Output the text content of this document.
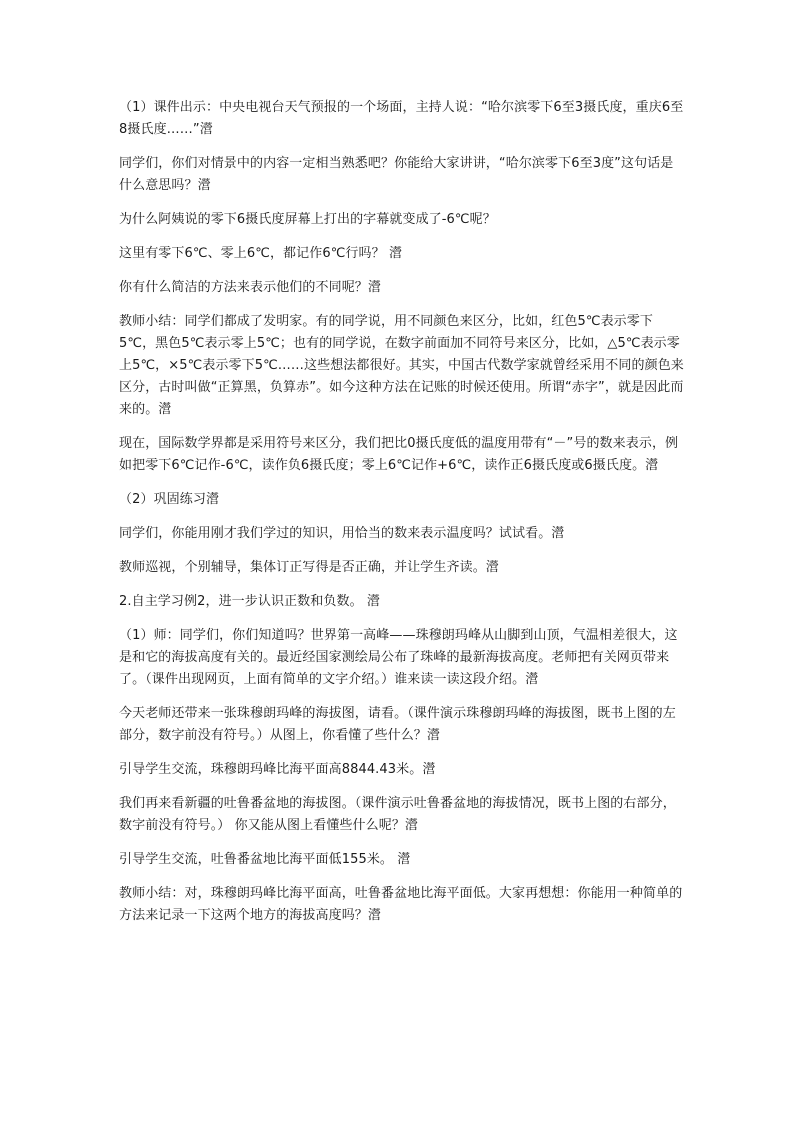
（1）课件出示：中央电视台天气预报的一个场面，主持人说：“哈尔滨零下6至3摄氏度，重庆6至8摄氏度……”瀯

同学们，你们对情景中的内容一定相当熟悉吧？你能给大家讲讲，“哈尔滨零下6至3度”这句话是什么意思吗？瀯

为什么阿姨说的零下6摄氏度屏幕上打出的字幕就变成了-6℃呢？

这里有零下6℃、零上6℃，都记作6℃行吗？ 瀯

你有什么简洁的方法来表示他们的不同呢？瀯

教师小结：同学们都成了发明家。有的同学说，用不同颜色来区分，比如，红色5℃表示零下5℃，黑色5℃表示零上5℃；也有的同学说，在数字前面加不同符号来区分，比如，△5℃表示零上5℃，×5℃表示零下5℃……这些想法都很好。其实，中国古代数学家就曾经采用不同的颜色来区分，古时叫做“正算黑，负算赤”。如今这种方法在记账的时候还使用。所谓“赤字”，就是因此而来的。瀯

现在，国际数学界都是采用符号来区分，我们把比0摄氏度低的温度用带有“－”号的数来表示，例如把零下6℃记作-6℃，读作负6摄氏度；零上6℃记作+6℃，读作正6摄氏度或6摄氏度。瀯

（2）巩固练习瀯

同学们，你能用刚才我们学过的知识，用恰当的数来表示温度吗？试试看。瀯

教师巡视，个别辅导，集体订正写得是否正确，并让学生齐读。瀯

2.自主学习例2，进一步认识正数和负数。 瀯

（1）师：同学们，你们知道吗？世界第一高峰——珠穆朗玛峰从山脚到山顶，气温相差很大，这是和它的海拔高度有关的。最近经国家测绘局公布了珠峰的最新海拔高度。老师把有关网页带来了。（课件出现网页，上面有简单的文字介绍。）谁来读一读这段介绍。瀯

今天老师还带来一张珠穆朗玛峰的海拔图，请看。（课件演示珠穆朗玛峰的海拔图，既书上图的左部分，数字前没有符号。）从图上，你看懂了些什么？瀯

引导学生交流，珠穆朗玛峰比海平面高8844.43米。瀯

我们再来看新疆的吐鲁番盆地的海拔图。（课件演示吐鲁番盆地的海拔情况，既书上图的右部分，数字前没有符号。） 你又能从图上看懂些什么呢？瀯

引导学生交流，吐鲁番盆地比海平面低155米。 瀯

教师小结：对，珠穆朗玛峰比海平面高，吐鲁番盆地比海平面低。大家再想想：你能用一种简单的方法来记录一下这两个地方的海拔高度吗？瀯
